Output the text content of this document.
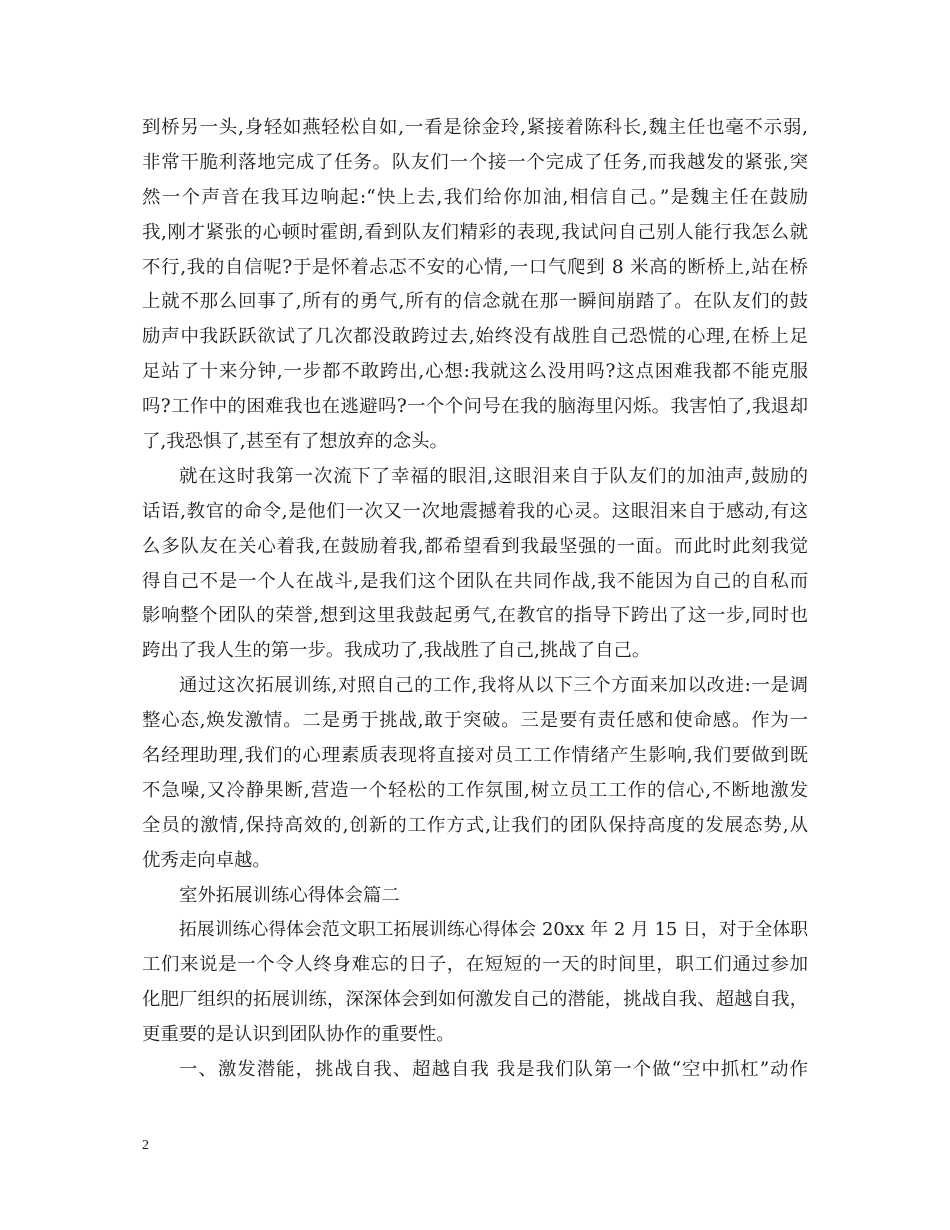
到桥另一头,身轻如燕轻松自如,一看是徐金玲,紧接着陈科长,魏主任也毫不示弱,
非常干脆利落地完成了任务。队友们一个接一个完成了任务,而我越发的紧张,突
然一个声音在我耳边响起:“快上去,我们给你加油,相信自己。”是魏主任在鼓励
我,刚才紧张的心顿时霍朗,看到队友们精彩的表现,我试问自己别人能行我怎么就
不行,我的自信呢?于是怀着忐忑不安的心情,一口气爬到 8 米高的断桥上,站在桥
上就不那么回事了,所有的勇气,所有的信念就在那一瞬间崩踏了。在队友们的鼓
励声中我跃跃欲试了几次都没敢跨过去,始终没有战胜自己恐慌的心理,在桥上足
足站了十来分钟,一步都不敢跨出,心想:我就这么没用吗?这点困难我都不能克服
吗?工作中的困难我也在逃避吗?一个个问号在我的脑海里闪烁。我害怕了,我退却
了,我恐惧了,甚至有了想放弃的念头。
就在这时我第一次流下了幸福的眼泪,这眼泪来自于队友们的加油声,鼓励的
话语,教官的命令,是他们一次又一次地震撼着我的心灵。这眼泪来自于感动,有这
么多队友在关心着我,在鼓励着我,都希望看到我最坚强的一面。而此时此刻我觉
得自己不是一个人在战斗,是我们这个团队在共同作战,我不能因为自己的自私而
影响整个团队的荣誉,想到这里我鼓起勇气,在教官的指导下跨出了这一步,同时也
跨出了我人生的第一步。我成功了,我战胜了自己,挑战了自己。
通过这次拓展训练,对照自己的工作,我将从以下三个方面来加以改进:一是调
整心态,焕发激情。二是勇于挑战,敢于突破。三是要有责任感和使命感。作为一
名经理助理,我们的心理素质表现将直接对员工工作情绪产生影响,我们要做到既
不急噪,又冷静果断,营造一个轻松的工作氛围,树立员工工作的信心,不断地激发
全员的激情,保持高效的,创新的工作方式,让我们的团队保持高度的发展态势,从
优秀走向卓越。
室外拓展训练心得体会篇二
拓展训练心得体会范文职工拓展训练心得体会 20xx 年 2 月 15 日，对于全体职
工们来说是一个令人终身难忘的日子，在短短的一天的时间里，职工们通过参加
化肥厂组织的拓展训练，深深体会到如何激发自己的潜能，挑战自我、超越自我，
更重要的是认识到团队协作的重要性。
一、激发潜能，挑战自我、超越自我 我是我们队第一个做“空中抓杠”动作
2
